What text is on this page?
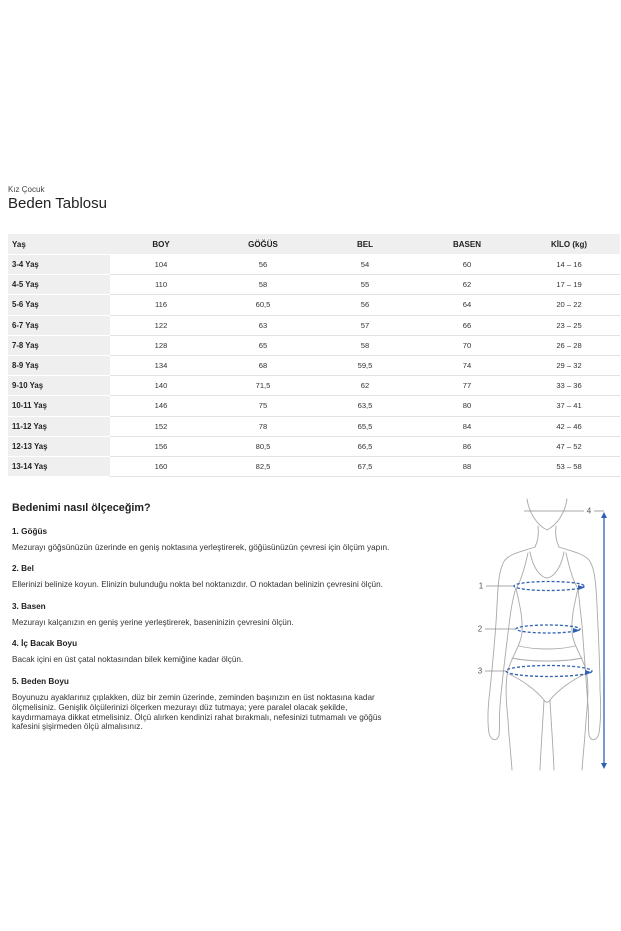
Kız Çocuk
Beden Tablosu
Yaş	BOY	GÖĞÜS	BEL	BASEN	KİLO (kg)
3-4 Yaş	104	56	54	60	14 – 16
4-5 Yaş	110	58	55	62	17 – 19
5-6 Yaş	116	60,5	56	64	20 – 22
6-7 Yaş	122	63	57	66	23 – 25
7-8 Yaş	128	65	58	70	26 – 28
8-9 Yaş	134	68	59,5	74	29 – 32
9-10 Yaş	140	71,5	62	77	33 – 36
10-11 Yaş	146	75	63,5	80	37 – 41
11-12 Yaş	152	78	65,5	84	42 – 46
12-13 Yaş	156	80,5	66,5	86	47 – 52
13-14 Yaş	160	82,5	67,5	88	53 – 58
Bedenimi nasıl ölçeceğim?
1. Göğüs
Mezurayı göğsünüzün üzerinde en geniş noktasına yerleştirerek, göğüsünüzün çevresi için ölçüm yapın.
2. Bel
Ellerinizi belinize koyun. Elinizin bulunduğu nokta bel noktanızdır. O noktadan belinizin çevresini ölçün.
3. Basen
Mezurayı kalçanızın en geniş yerine yerleştirerek, baseninizin çevresini ölçün.
4. İç Bacak Boyu
Bacak içini en üst çatal noktasından bilek kemiğine kadar ölçün.
5. Beden Boyu
Boyunuzu ayaklarınız çıplakken, düz bir zemin üzerinde, zeminden başınızın en üst noktasına kadar ölçmelisiniz. Genişlik ölçülerinizi ölçerken mezurayı düz tutmaya; yere paralel olacak şekilde, kaydırmamaya dikkat etmelisiniz. Ölçü alırken kendinizi rahat bırakmalı, nefesinizi tutmamalı ve göğüs kafesini şişirmeden ölçü almalısınız.
1
2
3
4
